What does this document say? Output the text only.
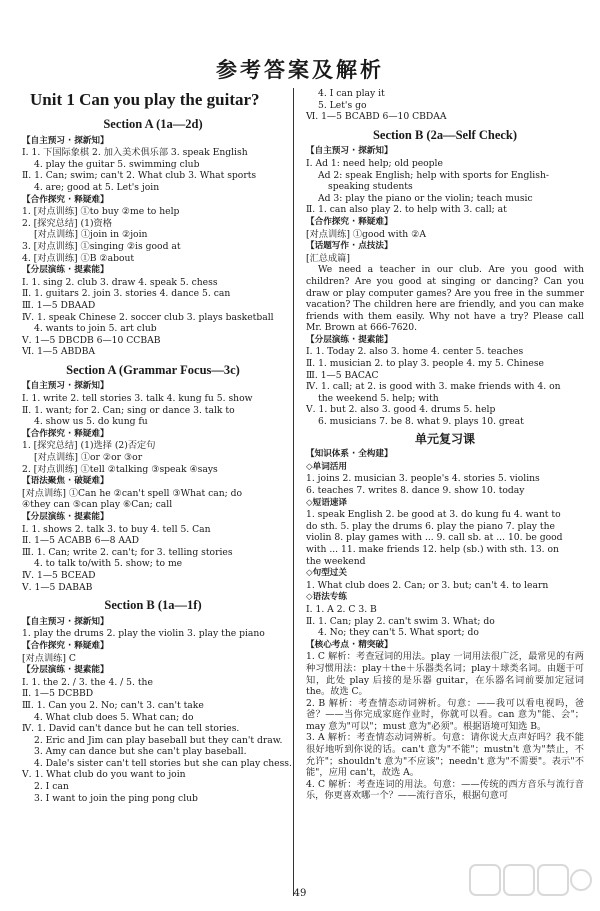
参考答案及解析
Unit 1 Can you play the guitar?
Section A (1a—2d)
【自主预习 · 探新知】
Ⅰ. 1. 下国际象棋 2. 加入美术俱乐部 3. speak English
4. play the guitar 5. swimming club
Ⅱ. 1. Can; swim; can't 2. What club 3. What sports
4. are; good at 5. Let's join
【合作探究 · 释疑难】
1. [对点训练] ①to buy ②me to help
2. [探究总结] (1)资格
[对点训练] ①join in ②join
3. [对点训练] ①singing ②is good at
4. [对点训练] ①B ②about
【分层演练 · 提素能】
Ⅰ. 1. sing 2. club 3. draw 4. speak 5. chess
Ⅱ. 1. guitars 2. join 3. stories 4. dance 5. can
Ⅲ. 1—5 DBAAD
Ⅳ. 1. speak Chinese 2. soccer club 3. plays basketball
4. wants to join 5. art club
Ⅴ. 1—5 DBCDB 6—10 CCBAB
Ⅵ. 1—5 ABDBA
Section A (Grammar Focus—3c)
【自主预习 · 探新知】
Ⅰ. 1. write 2. tell stories 3. talk 4. kung fu 5. show
Ⅱ. 1. want; for 2. Can; sing or dance 3. talk to
4. show us 5. do kung fu
【合作探究 · 释疑难】
1. [探究总结] (1)选择 (2)否定句
[对点训练] ①or ②or ③or
2. [对点训练] ①tell ②talking ③speak ④says
【语法聚焦 · 破疑难】
[对点训练] ①Can he ②can't spell ③What can; do
④they can ⑤can play ⑥Can; call
【分层演练 · 提素能】
Ⅰ. 1. shows 2. talk 3. to buy 4. tell 5. Can
Ⅱ. 1—5 ACABB 6—8 AAD
Ⅲ. 1. Can; write 2. can't; for 3. telling stories
4. to talk to/with 5. show; to me
Ⅳ. 1—5 BCEAD
Ⅴ. 1—5 DABAB
Section B (1a—1f)
【自主预习 · 探新知】
1. play the drums 2. play the violin 3. play the piano
【合作探究 · 释疑难】
[对点训练] C
【分层演练 · 提素能】
Ⅰ. 1. the 2. / 3. the 4. / 5. the
Ⅱ. 1—5 DCBBD
Ⅲ. 1. Can you 2. No; can't 3. can't take
4. What club does 5. What can; do
Ⅳ. 1. David can't dance but he can tell stories.
2. Eric and Jim can play baseball but they can't draw.
3. Amy can dance but she can't play baseball.
4. Dale's sister can't tell stories but she can play chess.
Ⅴ. 1. What club do you want to join
2. I can
3. I want to join the ping pong club
4. I can play it
5. Let's go
Ⅵ. 1—5 BCABD 6—10 CBDAA
Section B (2a—Self Check)
【自主预习 · 探新知】
Ⅰ. Ad 1: need help; old people
Ad 2: speak English; help with sports for English-
speaking students
Ad 3: play the piano or the violin; teach music
Ⅱ. 1. can also play 2. to help with 3. call; at
【合作探究 · 释疑难】
[对点训练] ①good with ②A
【话题写作 · 点技法】
[汇总成篇]
We need a teacher in our club. Are you good with children? Are you good at singing or dancing? Can you draw or play computer games? Are you free in the summer vacation? The children here are friendly, and you can make friends with them easily. Why not have a try? Please call Mr. Brown at 666-7620.
【分层演练 · 提素能】
Ⅰ. 1. Today 2. also 3. home 4. center 5. teaches
Ⅱ. 1. musician 2. to play 3. people 4. my 5. Chinese
Ⅲ. 1—5 BACAC
Ⅳ. 1. call; at 2. is good with 3. make friends with 4. on
the weekend 5. help; with
Ⅴ. 1. but 2. also 3. good 4. drums 5. help
6. musicians 7. be 8. what 9. plays 10. great
单元复习课
【知识体系 · 全构建】
◇单词活用
1. joins 2. musician 3. people's 4. stories 5. violins
6. teaches 7. writes 8. dance 9. show 10. today
◇短语速译
1. speak English 2. be good at 3. do kung fu 4. want to
do sth. 5. play the drums 6. play the piano 7. play the
violin 8. play games with ... 9. call sb. at ... 10. be good
with ... 11. make friends 12. help (sb.) with sth. 13. on
the weekend
◇句型过关
1. What club does 2. Can; or 3. but; can't 4. to learn
◇语法专练
Ⅰ. 1. A 2. C 3. B
Ⅱ. 1. Can; play 2. can't swim 3. What; do
4. No; they can't 5. What sport; do
【核心考点 · 精突破】
1. C 解析：考查冠词的用法。play 一词用法很广泛，最常见的有两种习惯用法：play＋the＋乐器类名词；play＋球类名词。由题干可知，此处 play 后接的是乐器 guitar，在乐器名词前要加定冠词 the。故选 C。
2. B 解析：考查情态动词辨析。句意：——我可以看电视吗，爸爸？——当你完成家庭作业时，你就可以看。can 意为"能、会"；may 意为"可以"；must 意为"必须"。根据语境可知选 B。
3. A 解析：考查情态动词辨析。句意：请你说大点声好吗？我不能很好地听到你说的话。can't 意为"不能"；mustn't 意为"禁止，不允许"；shouldn't 意为"不应该"；needn't 意为"不需要"。表示"不能"，应用 can't，故选 A。
4. C 解析：考查连词的用法。句意：——传统的西方音乐与流行音乐，你更喜欢哪一个？——流行音乐，根据句意可
49
